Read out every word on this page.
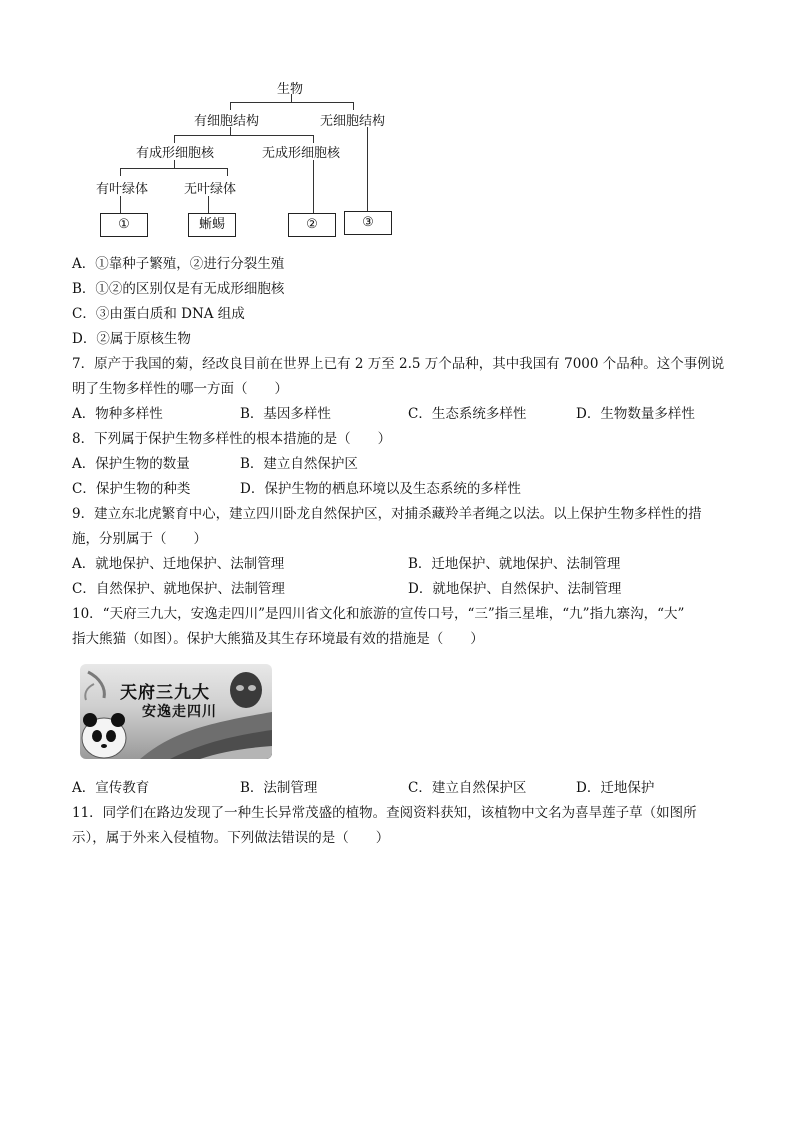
生物
有细胞结构	无细胞结构
有成形细胞核	无成形细胞核
有叶绿体	无叶绿体
①	蜥蜴	②	③
A．①靠种子繁殖，②进行分裂生殖
B．①②的区别仅是有无成形细胞核
C．③由蛋白质和 DNA 组成
D．②属于原核生物
7．原产于我国的菊，经改良目前在世界上已有 2 万至 2.5 万个品种，其中我国有 7000 个品种。这个事例说
明了生物多样性的哪一方面（　　）
A．物种多样性	B．基因多样性	C．生态系统多样性	D．生物数量多样性
8．下列属于保护生物多样性的根本措施的是（　　）
A．保护生物的数量	B．建立自然保护区
C．保护生物的种类	D．保护生物的栖息环境以及生态系统的多样性
9．建立东北虎繁育中心，建立四川卧龙自然保护区，对捕杀藏羚羊者绳之以法。以上保护生物多样性的措
施，分别属于（　　）
A．就地保护、迁地保护、法制管理	B．迁地保护、就地保护、法制管理
C．自然保护、就地保护、法制管理	D．就地保护、自然保护、法制管理
10．“天府三九大，安逸走四川”是四川省文化和旅游的宣传口号，“三”指三星堆，“九”指九寨沟，“大”
指大熊猫（如图）。保护大熊猫及其生存环境最有效的措施是（　　）
天府三九大
安逸走四川
A．宣传教育	B．法制管理	C．建立自然保护区	D．迁地保护
11．同学们在路边发现了一种生长异常茂盛的植物。查阅资料获知，该植物中文名为喜旱莲子草（如图所
示），属于外来入侵植物。下列做法错误的是（　　）
